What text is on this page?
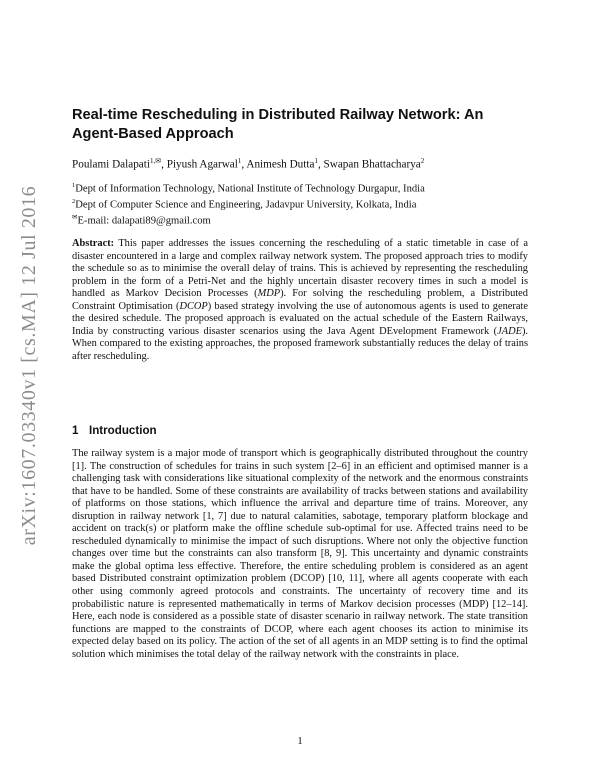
arXiv:1607.03340v1 [cs.MA] 12 Jul 2016
Real-time Rescheduling in Distributed Railway Network: An Agent-Based Approach
Poulami Dalapati$^{1,✉}$, Piyush Agarwal$^1$, Animesh Dutta$^1$, Swapan Bhattacharya$^2$
$^1$Dept of Information Technology, National Institute of Technology Durgapur, India
$^2$Dept of Computer Science and Engineering, Jadavpur University, Kolkata, India
✉E-mail: dalapati89@gmail.com
Abstract: This paper addresses the issues concerning the rescheduling of a static timetable in case of a disaster encountered in a large and complex railway network system. The proposed approach tries to modify the schedule so as to minimise the overall delay of trains. This is achieved by representing the rescheduling problem in the form of a Petri-Net and the highly uncertain disaster recovery times in such a model is handled as Markov Decision Processes (MDP). For solving the rescheduling problem, a Distributed Constraint Optimisation (DCOP) based strategy involving the use of autonomous agents is used to generate the desired schedule. The proposed approach is evaluated on the actual schedule of the Eastern Railways, India by constructing various disaster scenarios using the Java Agent DEvelopment Framework (JADE). When compared to the existing approaches, the proposed framework substantially reduces the delay of trains after rescheduling.
1 Introduction
The railway system is a major mode of transport which is geographically distributed throughout the country [1]. The construction of schedules for trains in such system [2–6] in an efficient and optimised manner is a challenging task with considerations like situational complexity of the network and the enormous constraints that have to be handled. Some of these constraints are availability of tracks between stations and availability of platforms on those stations, which influence the arrival and departure time of trains. Moreover, any disruption in railway network [1, 7] due to natural calamities, sabotage, temporary platform blockage and accident on track(s) or platform make the offline schedule sub-optimal for use. Affected trains need to be rescheduled dynamically to minimise the impact of such disruptions. Where not only the objective function changes over time but the constraints can also transform [8, 9]. This uncertainty and dynamic constraints make the global optima less effective. Therefore, the entire scheduling problem is considered as an agent based Distributed constraint optimization problem (DCOP) [10, 11], where all agents cooperate with each other using commonly agreed protocols and constraints. The uncertainty of recovery time and its probabilistic nature is represented mathematically in terms of Markov decision processes (MDP) [12–14]. Here, each node is considered as a possible state of disaster scenario in railway network. The state transition functions are mapped to the constraints of DCOP, where each agent chooses its action to minimise its expected delay based on its policy. The action of the set of all agents in an MDP setting is to find the optimal solution which minimises the total delay of the railway network with the constraints in place.
1
